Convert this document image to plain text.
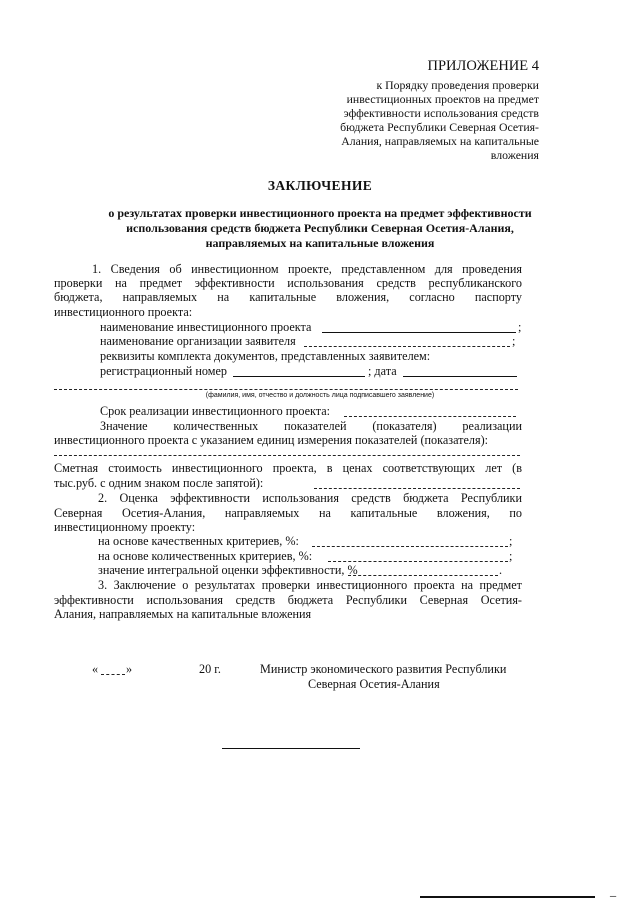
ПРИЛОЖЕНИЕ 4
к Порядку проведения проверки
инвестиционных проектов на предмет
эффективности использования средств
бюджета Республики Северная Осетия-
Алания, направляемых на капитальные
вложения
ЗАКЛЮЧЕНИЕ
о результатах проверки инвестиционного проекта на предмет эффективности
использования средств бюджета Республики Северная Осетия-Алания,
направляемых на капитальные вложения
1. Сведения об инвестиционном проекте, представленном для проведения
проверки на предмет эффективности использования средств республиканского
бюджета, направляемых на капитальные вложения, согласно паспорту
инвестиционного проекта:
наименование инвестиционного проекта	;
наименование организации заявителя	;
реквизиты комплекта документов, представленных заявителем:
регистрационный номер	; дата
(фамилия, имя, отчество и должность лица подписавшего заявление)
Срок реализации инвестиционного проекта:
Значение количественных показателей (показателя) реализации
инвестиционного проекта с указанием единиц измерения показателей (показателя):
Сметная стоимость инвестиционного проекта, в ценах соответствующих лет (в
тыс.руб. с одним знаком после запятой):
2. Оценка эффективности использования средств бюджета Республики
Северная Осетия-Алания, направляемых на капитальные вложения, по
инвестиционному проекту:
на основе качественных критериев, %:	;
на основе количественных критериев, %:	;
значение интегральной оценки эффективности, %	.
3. Заключение о результатах проверки инвестиционного проекта на предмет
эффективности использования средств бюджета Республики Северная Осетия-
Алания, направляемых на капитальные вложения
« »	20 г.	Министр экономического развития Республики
Северная Осетия-Алания
_
